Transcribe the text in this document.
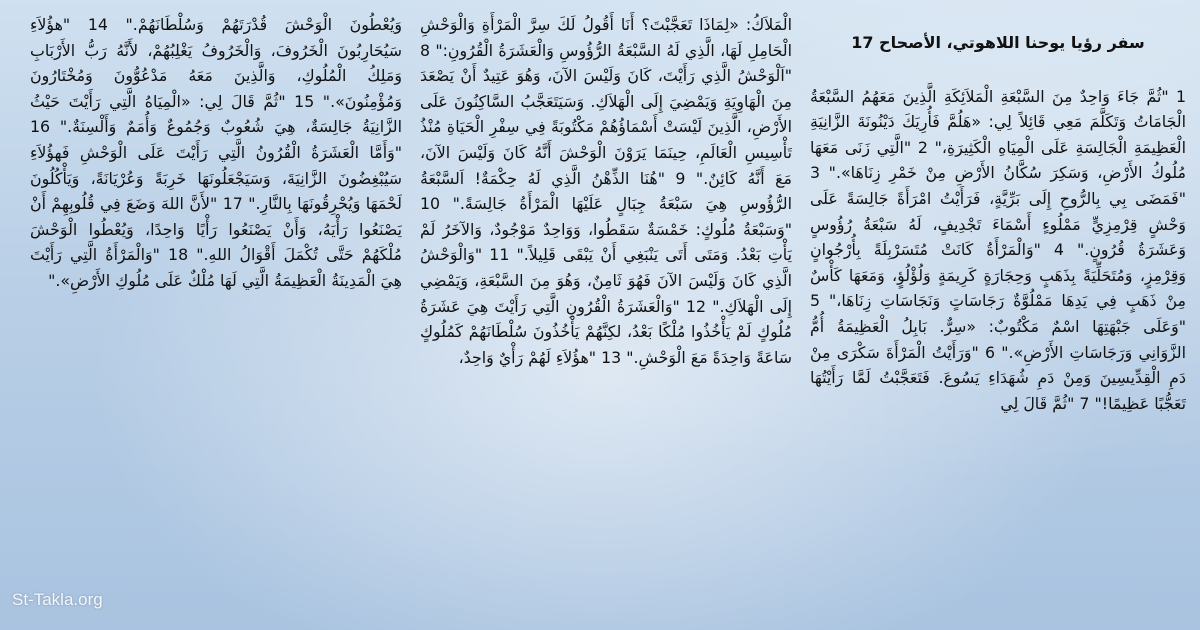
سفر رؤيا يوحنا اللاهوتي، الأصحاح 17
1 "ثُمَّ جَاءَ وَاحِدٌ مِنَ السَّبْعَةِ الْمَلاَئِكَةِ الَّذِينَ مَعَهُمُ السَّبْعَةُ الْجَامَاتُ وَتَكَلَّمَ مَعِي قَائِلاً لِي: «هَلُمَّ فَأُرِيَكَ دَيْنُونَةَ الزَّانِيَةِ الْعَظِيمَةِ الْجَالِسَةِ عَلَى الْمِيَاهِ الْكَثِيرَةِ،" 2 "الَّتِي زَنَى مَعَهَا مُلُوكُ الأَرْضِ، وَسَكِرَ سُكَّانُ الأَرْضِ مِنْ خَمْرِ زِنَاهَا»." 3 "فَمَضَى بِي بِالرُّوحِ إِلَى بَرِّيَّةٍ، فَرَأَيْتُ امْرَأَةً جَالِسَةً عَلَى وَحْشٍ قِرْمِزِيٍّ مَمْلُوءٍ أَسْمَاءَ تَجْدِيفٍ، لَهُ سَبْعَةُ رُؤُوسٍ وَعَشَرَةُ قُرُونٍ." 4 "وَالْمَرْأَةُ كَانَتْ مُتَسَرْبِلَةً بِأُرْجُوانٍ وَقِرْمِزٍ، وَمُتَحَلِّيَةً بِذَهَبٍ وَحِجَارَةٍ كَرِيمَةٍ وَلُؤْلُؤٍ، وَمَعَهَا كَأْسٌ مِنْ ذَهَبٍ فِي يَدِهَا مَمْلُوَّةٌ رَجَاسَاتٍ وَنَجَاسَاتِ زِنَاهَا،" 5 "وَعَلَى جَبْهَتِهَا اسْمٌ مَكْتُوبٌ: «سِرٌّ. بَابِلُ الْعَظِيمَةُ أُمُّ الزَّوَانِي وَرَجَاسَاتِ الأَرْضِ»." 6 "وَرَأَيْتُ الْمَرْأَةَ سَكْرَى مِنْ دَمِ الْقِدِّيسِينَ وَمِنْ دَمِ شُهَدَاءِ يَسُوعَ. فَتَعَجَّبْتُ لَمَّا رَأَيْتُهَا تَعَجُّبًا عَظِيمًا!" 7 "ثُمَّ قَالَ لِي
الْمَلاَكُ: «لِمَاذَا تَعَجَّبْتَ؟ أَنَا أَقُولُ لَكَ سِرَّ الْمَرْأَةِ وَالْوَحْشِ الْحَامِلِ لَهَا، الَّذِي لَهُ السَّبْعَةُ الرُّؤُوسِ وَالْعَشَرَةُ الْقُرُونِ:" 8 "اَلْوَحْشُ الَّذِي رَأَيْتَ، كَانَ وَلَيْسَ الآنَ، وَهُوَ عَتِيدٌ أَنْ يَصْعَدَ مِنَ الْهَاوِيَةِ وَيَمْضِيَ إِلَى الْهَلاَكِ. وَسَيَتَعَجَّبُ السَّاكِنُونَ عَلَى الأَرْضِ، الَّذِينَ لَيْسَتْ أَسْمَاؤُهُمْ مَكْتُوبَةً فِي سِفْرِ الْحَيَاةِ مُنْذُ تَأْسِيسِ الْعَالَمِ، حِينَمَا يَرَوْنَ الْوَحْشَ أَنَّهُ كَانَ وَلَيْسَ الآنَ، مَعَ أَنَّهُ كَائِنٌ." 9 "هُنَا الذِّهْنُ الَّذِي لَهُ حِكْمَةٌ! اَلسَّبْعَةُ الرُّؤُوسِ هِيَ سَبْعَةُ جِبَالٍ عَلَيْهَا الْمَرْأَةُ جَالِسَةً." 10 "وَسَبْعَةُ مُلُوكٍ: خَمْسَةٌ سَقَطُوا، وَوَاحِدٌ مَوْجُودٌ، وَالآخَرُ لَمْ يَأْتِ بَعْدُ. وَمَتَى أَتَى يَنْبَغِي أَنْ يَبْقَى قَلِيلاً." 11 "وَالْوَحْشُ الَّذِي كَانَ وَلَيْسَ الآنَ فَهُوَ ثَامِنٌ، وَهُوَ مِنَ السَّبْعَةِ، وَيَمْضِي إِلَى الْهَلاَكِ." 12 "وَالْعَشَرَةُ الْقُرُونِ الَّتِي رَأَيْتَ هِيَ عَشَرَةُ مُلُوكٍ لَمْ يَأْخُذُوا مُلْكًا بَعْدُ، لكِنَّهُمْ يَأْخُذُونَ سُلْطَانَهُمْ كَمُلُوكٍ سَاعَةً وَاحِدَةً مَعَ الْوَحْشِ." 13 "هؤُلاَءِ لَهُمْ رَأْيٌ وَاحِدٌ،
وَيُعْطُونَ الْوَحْشَ قُدْرَتَهُمْ وَسُلْطَانَهُمْ." 14 "هؤُلاَءِ سَيُحَارِبُونَ الْخَرُوفَ، وَالْخَرُوفُ يَغْلِبُهُمْ، لأَنَّهُ رَبُّ الأَرْبَابِ وَمَلِكُ الْمُلُوكِ، وَالَّذِينَ مَعَهُ مَدْعُوُّونَ وَمُخْتَارُونَ وَمُؤْمِنُونَ»." 15 "ثُمَّ قَالَ لِي: «الْمِيَاهُ الَّتِي رَأَيْتَ حَيْثُ الزَّانِيَةُ جَالِسَةٌ، هِيَ شُعُوبٌ وَجُمُوعٌ وَأُمَمٌ وَأَلْسِنَةٌ." 16 "وَأَمَّا الْعَشَرَةُ الْقُرُونُ الَّتِي رَأَيْتَ عَلَى الْوَحْشِ فَهؤُلاَءِ سَيُبْغِضُونَ الزَّانِيَةَ، وَسَيَجْعَلُونَهَا خَرِبَةً وَعُرْيَانَةً، وَيَأْكُلُونَ لَحْمَهَا وَيُحْرِقُونَهَا بِالنَّارِ." 17 "لأَنَّ اللهَ وَضَعَ فِي قُلُوبِهِمْ أَنْ يَصْنَعُوا رَأْيَهُ، وَأَنْ يَصْنَعُوا رَأْيًا وَاحِدًا، وَيُعْطُوا الْوَحْشَ مُلْكَهُمْ حَتَّى تُكْمَلَ أَقْوَالُ اللهِ." 18 "وَالْمَرْأَةُ الَّتِي رَأَيْتَ هِيَ الْمَدِينَةُ الْعَظِيمَةُ الَّتِي لَهَا مُلْكٌ عَلَى مُلُوكِ الأَرْضِ»."
St-Takla.org
